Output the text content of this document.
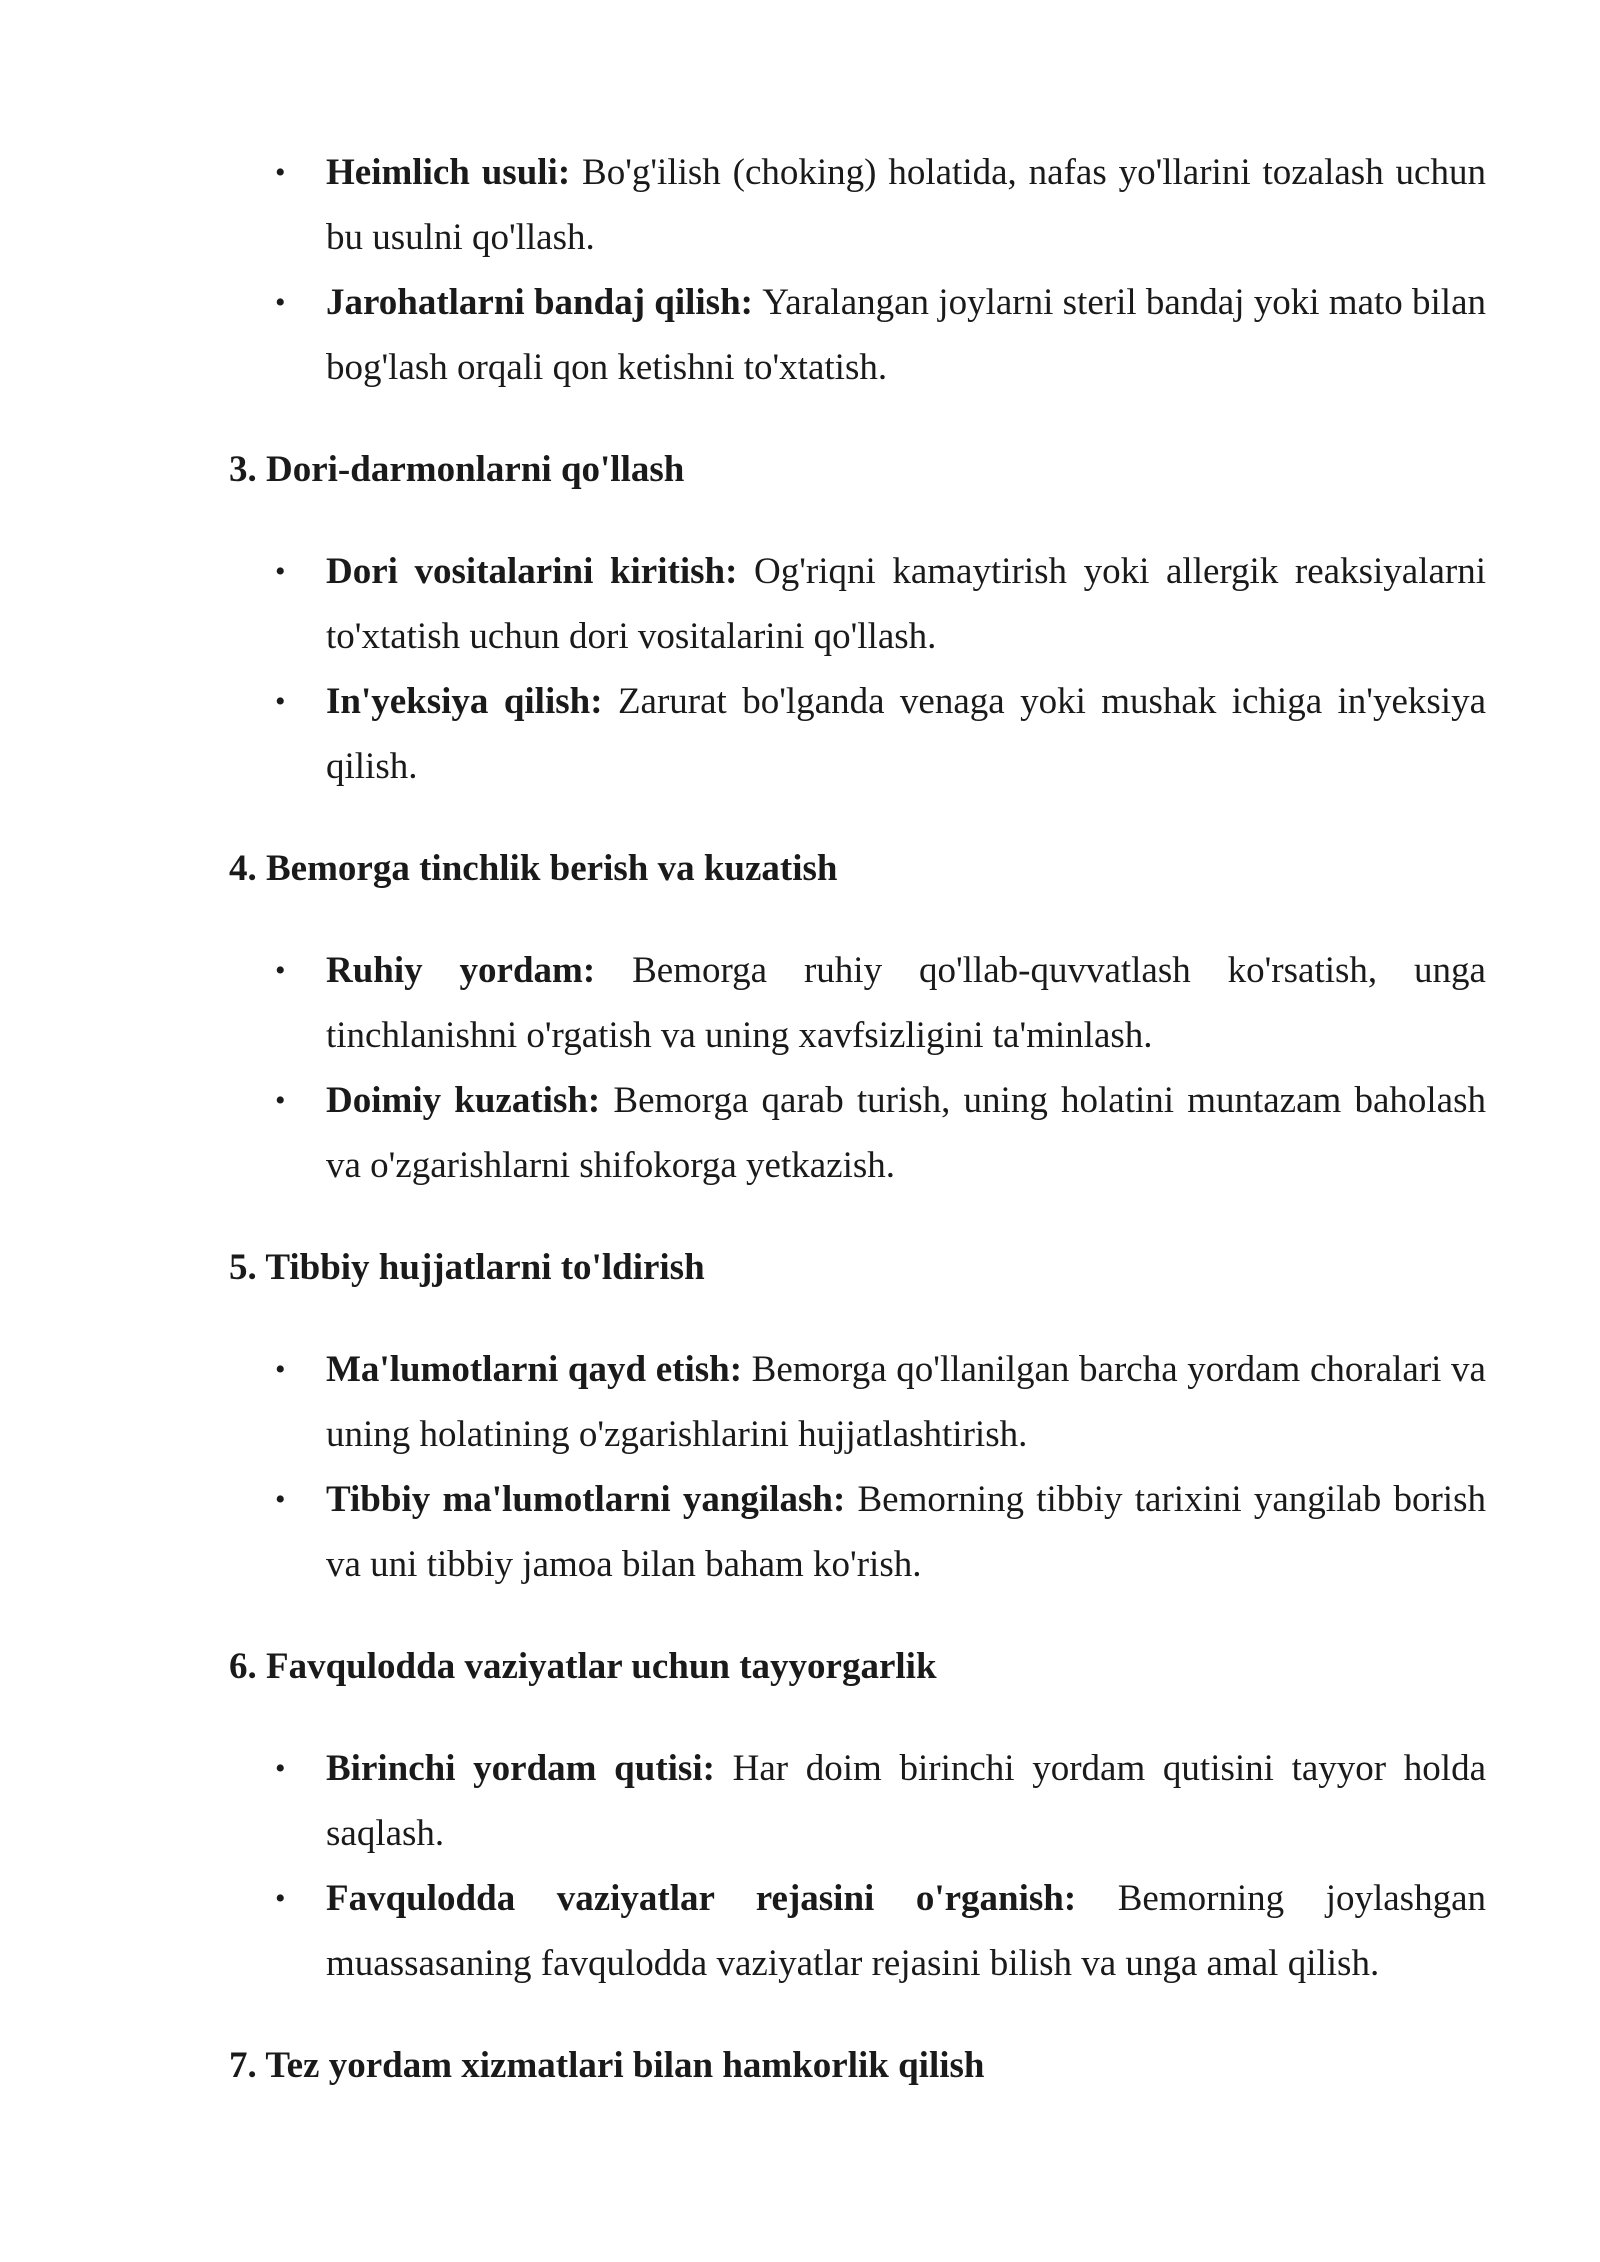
• Heimlich usuli: Bo'g'ilish (choking) holatida, nafas yo'llarini tozalash uchun bu usulni qo'llash.
• Jarohatlarni bandaj qilish: Yaralangan joylarni steril bandaj yoki mato bilan bog'lash orqali qon ketishni to'xtatish.
3. Dori-darmonlarni qo'llash
• Dori vositalarini kiritish: Og'riqni kamaytirish yoki allergik reaksiyalarni to'xtatish uchun dori vositalarini qo'llash.
• In'yeksiya qilish: Zarurat bo'lganda venaga yoki mushak ichiga in'yeksiya qilish.
4. Bemorga tinchlik berish va kuzatish
• Ruhiy yordam: Bemorga ruhiy qo'llab-quvvatlash ko'rsatish, unga tinchlanishni o'rgatish va uning xavfsizligini ta'minlash.
• Doimiy kuzatish: Bemorga qarab turish, uning holatini muntazam baholash va o'zgarishlarni shifokorga yetkazish.
5. Tibbiy hujjatlarni to'ldirish
• Ma'lumotlarni qayd etish: Bemorga qo'llanilgan barcha yordam choralari va uning holatining o'zgarishlarini hujjatlashtirish.
• Tibbiy ma'lumotlarni yangilash: Bemorning tibbiy tarixini yangilab borish va uni tibbiy jamoa bilan baham ko'rish.
6. Favqulodda vaziyatlar uchun tayyorgarlik
• Birinchi yordam qutisi: Har doim birinchi yordam qutisini tayyor holda saqlash.
• Favqulodda vaziyatlar rejasini o'rganish: Bemorning joylashgan muassasaning favqulodda vaziyatlar rejasini bilish va unga amal qilish.
7. Tez yordam xizmatlari bilan hamkorlik qilish
